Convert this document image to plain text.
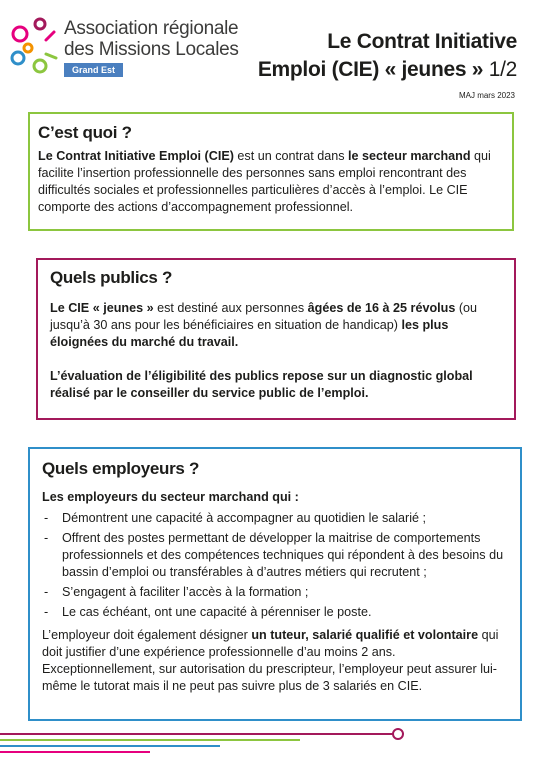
Association régionale
des Missions Locales
Grand Est
Le Contrat Initiative
Emploi (CIE) « jeunes » 1/2
MAJ mars 2023
C’est quoi ?

Le Contrat Initiative Emploi (CIE) est un contrat dans le secteur marchand qui facilite l’insertion professionnelle des personnes sans emploi rencontrant des difficultés sociales et professionnelles particulières d’accès à l’emploi. Le CIE comporte des actions d’accompagnement professionnel.

Quels publics ?

Le CIE « jeunes » est destiné aux personnes âgées de 16 à 25 révolus (ou jusqu’à 30 ans pour les bénéficiaires en situation de handicap) les plus éloignées du marché du travail.

L’évaluation de l’éligibilité des publics repose sur un diagnostic global réalisé par le conseiller du service public de l’emploi.

Quels employeurs ?

Les employeurs du secteur marchand qui :

- Démontrent une capacité à accompagner au quotidien le salarié ;
- Offrent des postes permettant de développer la maitrise de comportements professionnels et des compétences techniques qui répondent à des besoins du bassin d’emploi ou transférables à d’autres métiers qui recrutent ;
- S’engagent à faciliter l’accès à la formation ;
- Le cas échéant, ont une capacité à pérenniser le poste.

L’employeur doit également désigner un tuteur, salarié qualifié et volontaire qui doit justifier d’une expérience professionnelle d’au moins 2 ans. Exceptionnellement, sur autorisation du prescripteur, l’employeur peut assurer lui-même le tutorat mais il ne peut pas suivre plus de 3 salariés en CIE.
